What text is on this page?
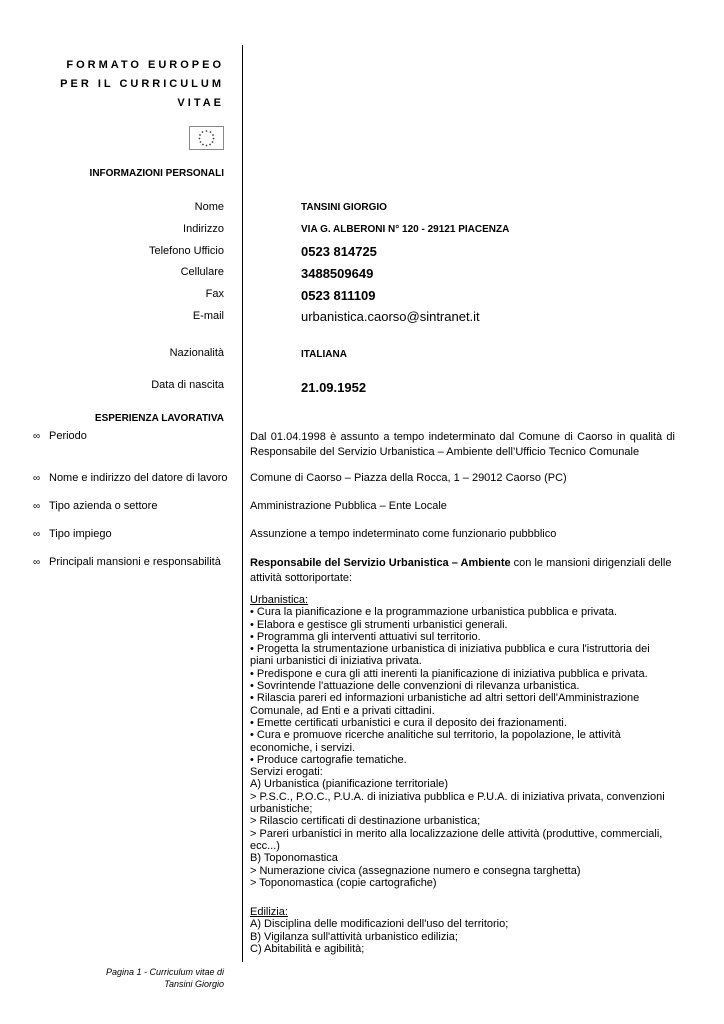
FORMATO EUROPEO
PER IL CURRICULUM
VITAE
INFORMAZIONI PERSONALI
Nome
Indirizzo
Telefono Ufficio
Cellulare
Fax
E-mail
Nazionalità
Data di nascita
TANSINI GIORGIO
VIA G. ALBERONI N° 120 - 29121 PIACENZA
0523 814725
3488509649
0523 811109
urbanistica.caorso@sintranet.it
ITALIANA
21.09.1952
ESPERIENZA LAVORATIVA
∞ Periodo
∞ Nome e indirizzo del datore di lavoro
∞ Tipo azienda o settore
∞ Tipo impiego
∞ Principali mansioni e responsabilità
Dal 01.04.1998 è assunto a tempo indeterminato dal Comune di Caorso in qualità di Responsabile del Servizio Urbanistica – Ambiente dell’Ufficio Tecnico Comunale
Comune di Caorso – Piazza della Rocca, 1 – 29012 Caorso (PC)
Amministrazione Pubblica – Ente Locale
Assunzione a tempo indeterminato come funzionario pubbblico
Responsabile del Servizio Urbanistica – Ambiente con le mansioni dirigenziali delle attività sottoriportate:
Urbanistica:
• Cura la pianificazione e la programmazione urbanistica pubblica e privata.
• Elabora e gestisce gli strumenti urbanistici generali.
• Programma gli interventi attuativi sul territorio.
• Progetta la strumentazione urbanistica di iniziativa pubblica e cura l'istruttoria dei
piani urbanistici di iniziativa privata.
• Predispone e cura gli atti inerenti la pianificazione di iniziativa pubblica e privata.
• Sovrintende l'attuazione delle convenzioni di rilevanza urbanistica.
• Rilascia pareri ed informazioni urbanistiche ad altri settori dell'Amministrazione
Comunale, ad Enti e a privati cittadini.
• Emette certificati urbanistici e cura il deposito dei frazionamenti.
• Cura e promuove ricerche analitiche sul territorio, la popolazione, le attività
economiche, i servizi.
• Produce cartografie tematiche.
Servizi erogati:
A) Urbanistica (pianificazione territoriale)
> P.S.C., P.O.C., P.U.A. di iniziativa pubblica e P.U.A. di iniziativa privata, convenzioni
urbanistiche;
> Rilascio certificati di destinazione urbanistica;
> Pareri urbanistici in merito alla localizzazione delle attività (produttive, commerciali,
ecc...)
B) Toponomastica
> Numerazione civica (assegnazione numero e consegna targhetta)
> Toponomastica (copie cartografiche)
Edilizia:
A) Disciplina delle modificazioni dell'uso del territorio;
B) Vigilanza sull'attività urbanistico edilizia;
C) Abitabilità e agibilità;
Pagina 1 - Curriculum vitae di
Tansini Giorgio
